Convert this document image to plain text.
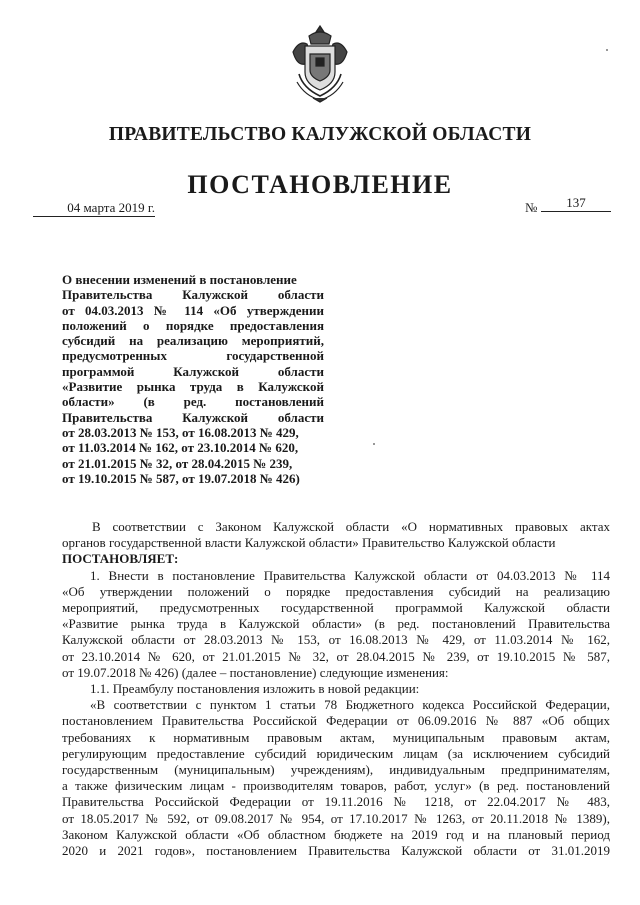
ПРАВИТЕЛЬСТВО КАЛУЖСКОЙ ОБЛАСТИ
ПОСТАНОВЛЕНИЕ
04 марта 2019 г.	№	137
О внесении изменений в постановление
Правительства Калужской области
от 04.03.2013 № 114 «Об утверждении
положений о порядке предоставления
субсидий на реализацию мероприятий,
предусмотренных государственной
программой Калужской области
«Развитие рынка труда в Калужской
области» (в ред. постановлений
Правительства Калужской области
от 28.03.2013 № 153, от 16.08.2013 № 429,
от 11.03.2014 № 162, от 23.10.2014 № 620,
от 21.01.2015 № 32, от 28.04.2015 № 239,
от 19.10.2015 № 587, от 19.07.2018 № 426)
В соответствии с Законом Калужской области «О нормативных правовых актах
органов государственной власти Калужской области» Правительство Калужской области
ПОСТАНОВЛЯЕТ:
1. Внести в постановление Правительства Калужской области от 04.03.2013 № 114
«Об утверждении положений о порядке предоставления субсидий на реализацию
мероприятий, предусмотренных государственной программой Калужской области
«Развитие рынка труда в Калужской области» (в ред. постановлений Правительства
Калужской области от 28.03.2013 № 153, от 16.08.2013 № 429, от 11.03.2014 № 162,
от 23.10.2014 № 620, от 21.01.2015 № 32, от 28.04.2015 № 239, от 19.10.2015 № 587,
от 19.07.2018 № 426) (далее – постановление) следующие изменения:
1.1. Преамбулу постановления изложить в новой редакции:
«В соответствии с пунктом 1 статьи 78 Бюджетного кодекса Российской Федерации,
постановлением Правительства Российской Федерации от 06.09.2016 № 887 «Об общих
требованиях к нормативным правовым актам, муниципальным правовым актам,
регулирующим предоставление субсидий юридическим лицам (за исключением субсидий
государственным (муниципальным) учреждениям), индивидуальным предпринимателям,
а также физическим лицам - производителям товаров, работ, услуг» (в ред. постановлений
Правительства Российской Федерации от 19.11.2016 № 1218, от 22.04.2017 № 483,
от 18.05.2017 № 592, от 09.08.2017 № 954, от 17.10.2017 № 1263, от 20.11.2018 № 1389),
Законом Калужской области «Об областном бюджете на 2019 год и на плановый период
2020 и 2021 годов», постановлением Правительства Калужской области от 31.01.2019
